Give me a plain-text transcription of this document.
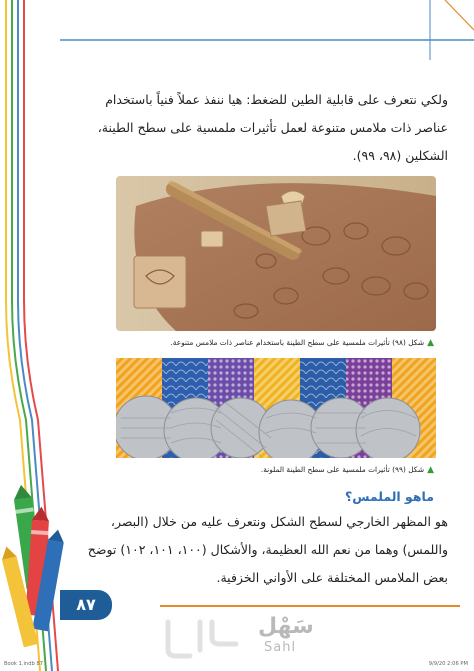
ولكي نتعرف على قابلية الطين للضغط: هيا ننفذ عملاً فنياً باستخدام
عناصر ذات ملامس متنوعة لعمل تأثيرات ملمسية على سطح الطينة،
الشكلين (٩٨، ٩٩).
▲شكل (٩٨) تأثيرات ملمسية على سطح الطينة باستخدام عناصر ذات ملامس متنوعة.
▲شكل (٩٩) تأثيرات ملمسية على سطح الطينة الملونة.
ماهو الملمس؟
هو المظهر الخارجي لسطح الشكل ونتعرف عليه من خلال (البصر،
واللمس) وهما من نعم الله العظيمة، والأشكال (١٠٠، ١٠١، ١٠٢) توضح
بعض الملامس المختلفة على الأواني الخزفية.
٨٧
سَهْل
Sahl
Book 1.indb 87	9/9/20 2:06 PM
